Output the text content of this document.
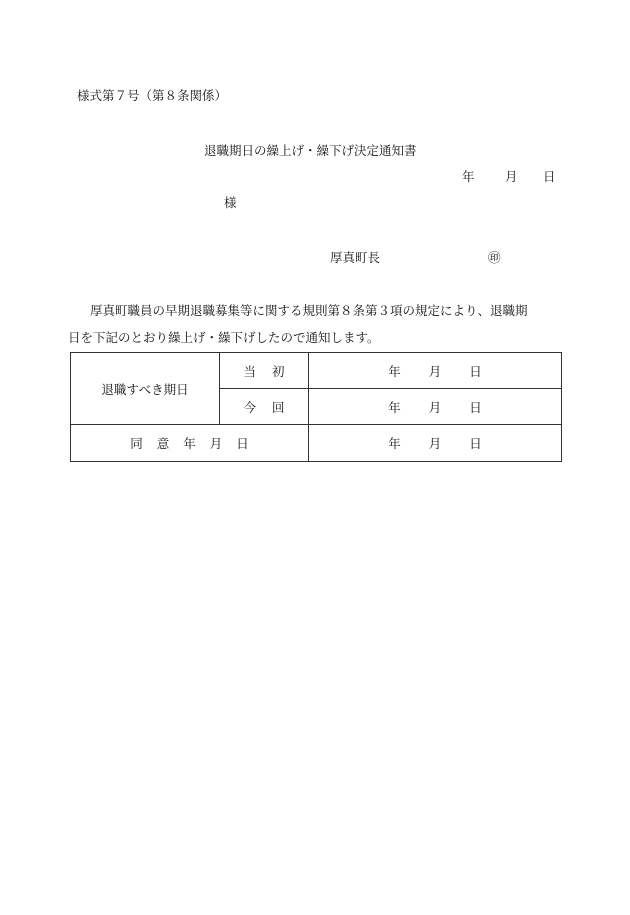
様式第７号（第８条関係）
退職期日の繰上げ・繰下げ決定通知書
年 月 日
様
厚真町長	㊞
厚真町職員の早期退職募集等に関する規則第８条第３項の規定により、退職期
日を下記のとおり繰上げ・繰下げしたので通知します。
退職すべき期日	当 初	年 月 日
	今 回	年 月 日
同 意 年 月 日		年 月 日
